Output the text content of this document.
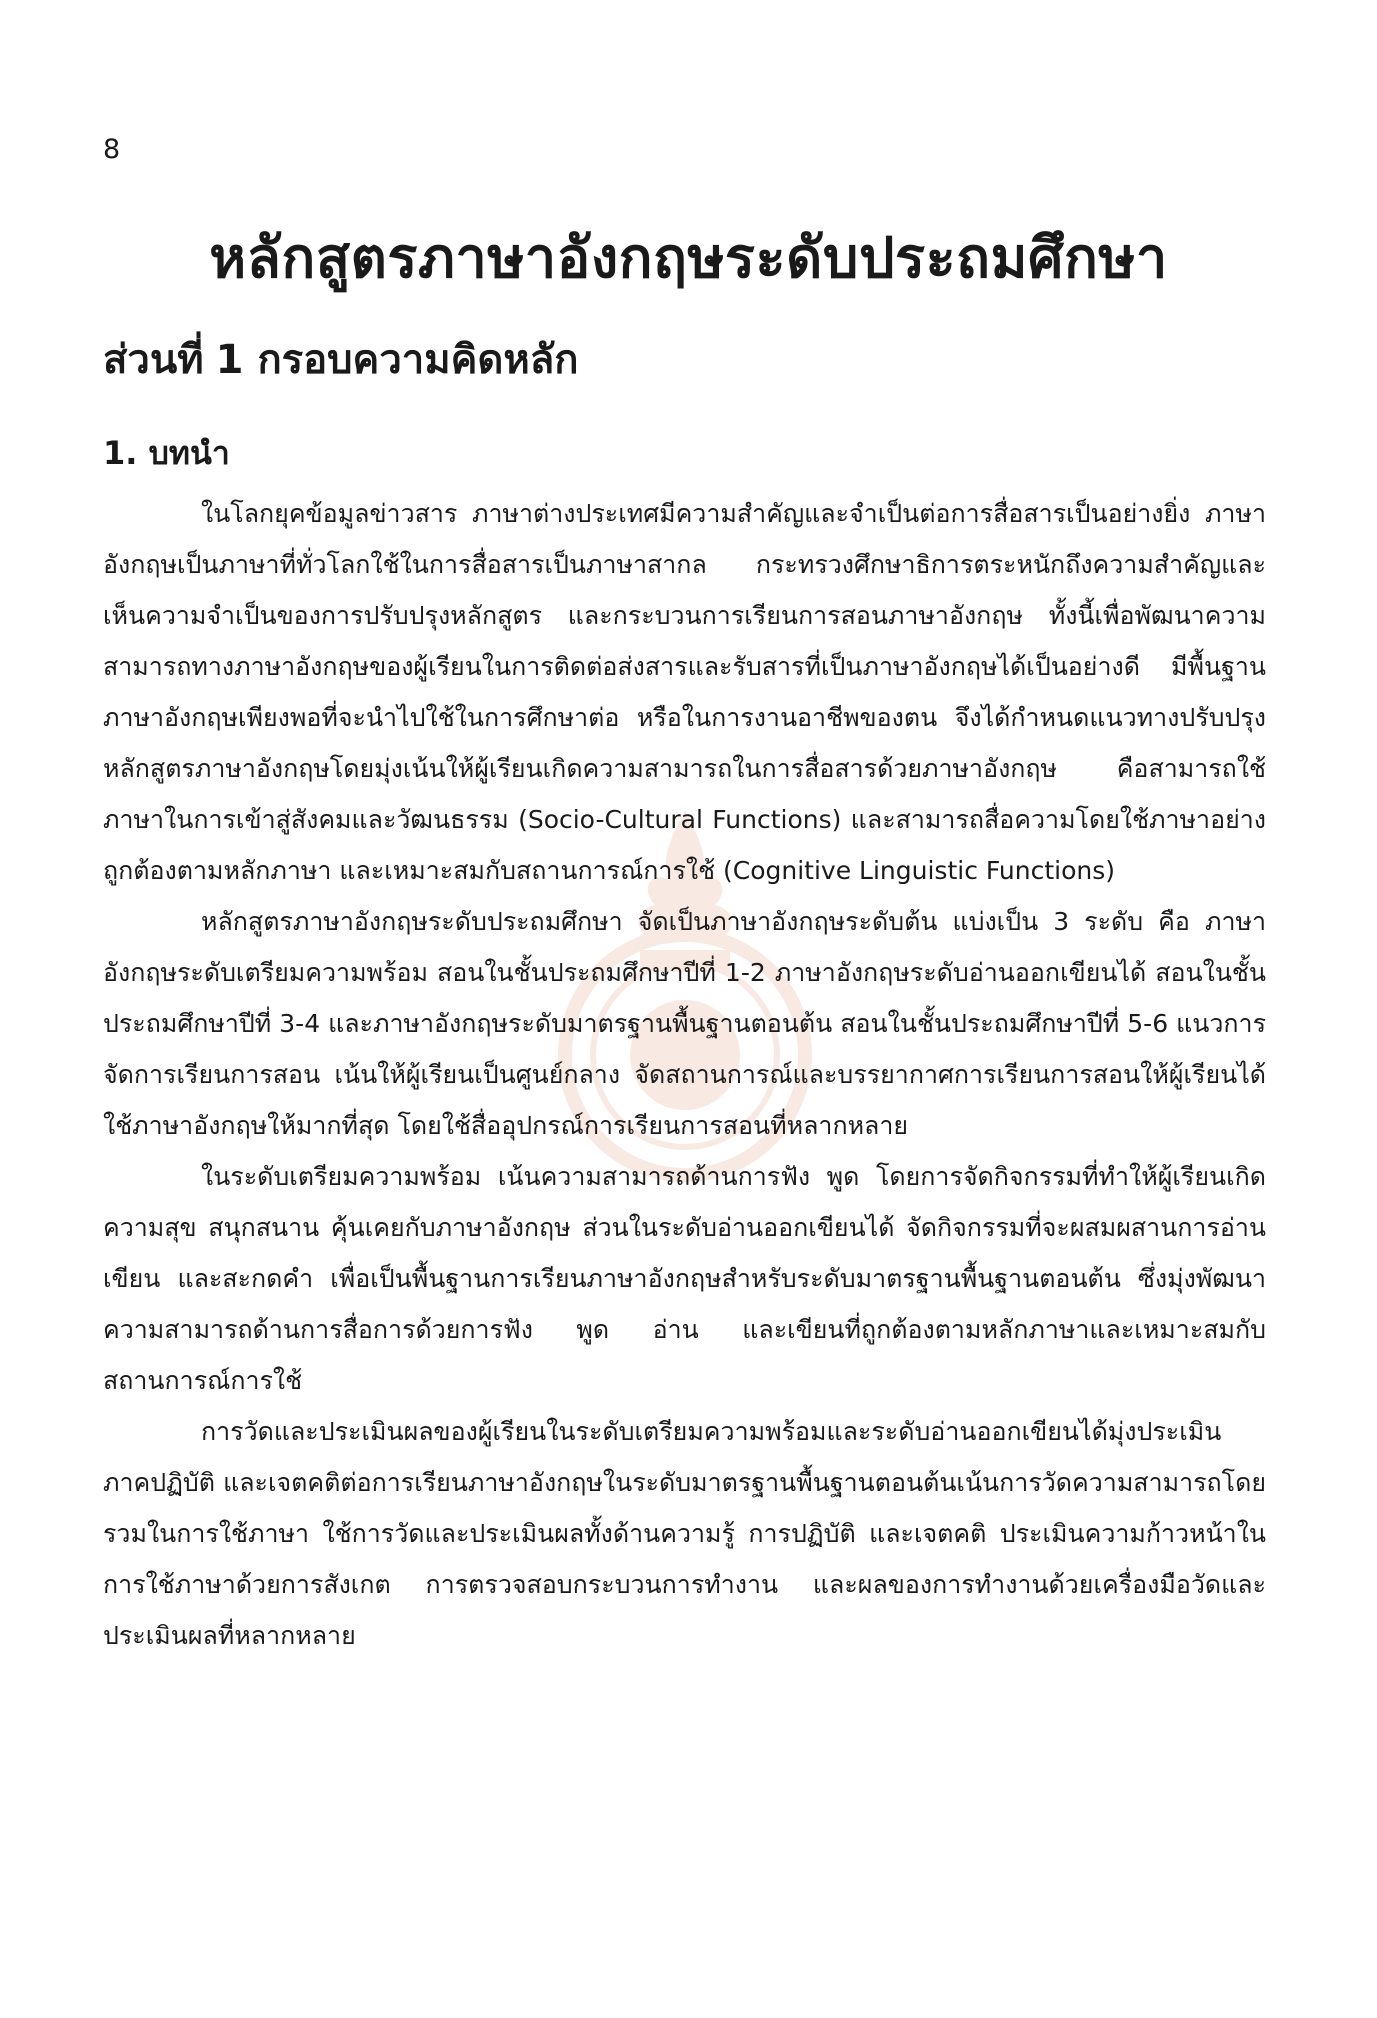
8
หลักสูตรภาษาอังกฤษระดับประถมศึกษา
ส่วนที่ 1 กรอบความคิดหลัก
1. บทนำ

ในโลกยุคข้อมูลข่าวสาร ภาษาต่างประเทศมีความสำคัญและจำเป็นต่อการสื่อสารเป็นอย่างยิ่ง ภาษาอังกฤษเป็นภาษาที่ทั่วโลกใช้ในการสื่อสารเป็นภาษาสากล กระทรวงศึกษาธิการตระหนักถึงความสำคัญและเห็นความจำเป็นของการปรับปรุงหลักสูตร และกระบวนการเรียนการสอนภาษาอังกฤษ ทั้งนี้เพื่อพัฒนาความสามารถทางภาษาอังกฤษของผู้เรียนในการติดต่อส่งสารและรับสารที่เป็นภาษาอังกฤษได้เป็นอย่างดี มีพื้นฐานภาษาอังกฤษเพียงพอที่จะนำไปใช้ในการศึกษาต่อ หรือในการงานอาชีพของตน จึงได้กำหนดแนวทางปรับปรุงหลักสูตรภาษาอังกฤษโดยมุ่งเน้นให้ผู้เรียนเกิดความสามารถในการสื่อสารด้วยภาษาอังกฤษ คือสามารถใช้ภาษาในการเข้าสู่สังคมและวัฒนธรรม (Socio-Cultural Functions) และสามารถสื่อความโดยใช้ภาษาอย่างถูกต้องตามหลักภาษา และเหมาะสมกับสถานการณ์การใช้ (Cognitive Linguistic Functions)

หลักสูตรภาษาอังกฤษระดับประถมศึกษา จัดเป็นภาษาอังกฤษระดับต้น แบ่งเป็น 3 ระดับ คือ ภาษาอังกฤษระดับเตรียมความพร้อม สอนในชั้นประถมศึกษาปีที่ 1-2 ภาษาอังกฤษระดับอ่านออกเขียนได้ สอนในชั้นประถมศึกษาปีที่ 3-4 และภาษาอังกฤษระดับมาตรฐานพื้นฐานตอนต้น สอนในชั้นประถมศึกษาปีที่ 5-6 แนวการจัดการเรียนการสอน เน้นให้ผู้เรียนเป็นศูนย์กลาง จัดสถานการณ์และบรรยากาศการเรียนการสอนให้ผู้เรียนได้ใช้ภาษาอังกฤษให้มากที่สุด โดยใช้สื่ออุปกรณ์การเรียนการสอนที่หลากหลาย

ในระดับเตรียมความพร้อม เน้นความสามารถด้านการฟัง พูด โดยการจัดกิจกรรมที่ทำให้ผู้เรียนเกิดความสุข สนุกสนาน คุ้นเคยกับภาษาอังกฤษ ส่วนในระดับอ่านออกเขียนได้ จัดกิจกรรมที่จะผสมผสานการอ่าน เขียน และสะกดคำ เพื่อเป็นพื้นฐานการเรียนภาษาอังกฤษสำหรับระดับมาตรฐานพื้นฐานตอนต้น ซึ่งมุ่งพัฒนาความสามารถด้านการสื่อการด้วยการฟัง พูด อ่าน และเขียนที่ถูกต้องตามหลักภาษาและเหมาะสมกับสถานการณ์การใช้

การวัดและประเมินผลของผู้เรียนในระดับเตรียมความพร้อมและระดับอ่านออกเขียนได้มุ่งประเมินภาคปฏิบัติ และเจตคติต่อการเรียนภาษาอังกฤษในระดับมาตรฐานพื้นฐานตอนต้นเน้นการวัดความสามารถโดยรวมในการใช้ภาษา ใช้การวัดและประเมินผลทั้งด้านความรู้ การปฏิบัติ และเจตคติ ประเมินความก้าวหน้าในการใช้ภาษาด้วยการสังเกต การตรวจสอบกระบวนการทำงาน และผลของการทำงานด้วยเครื่องมือวัดและประเมินผลที่หลากหลาย
